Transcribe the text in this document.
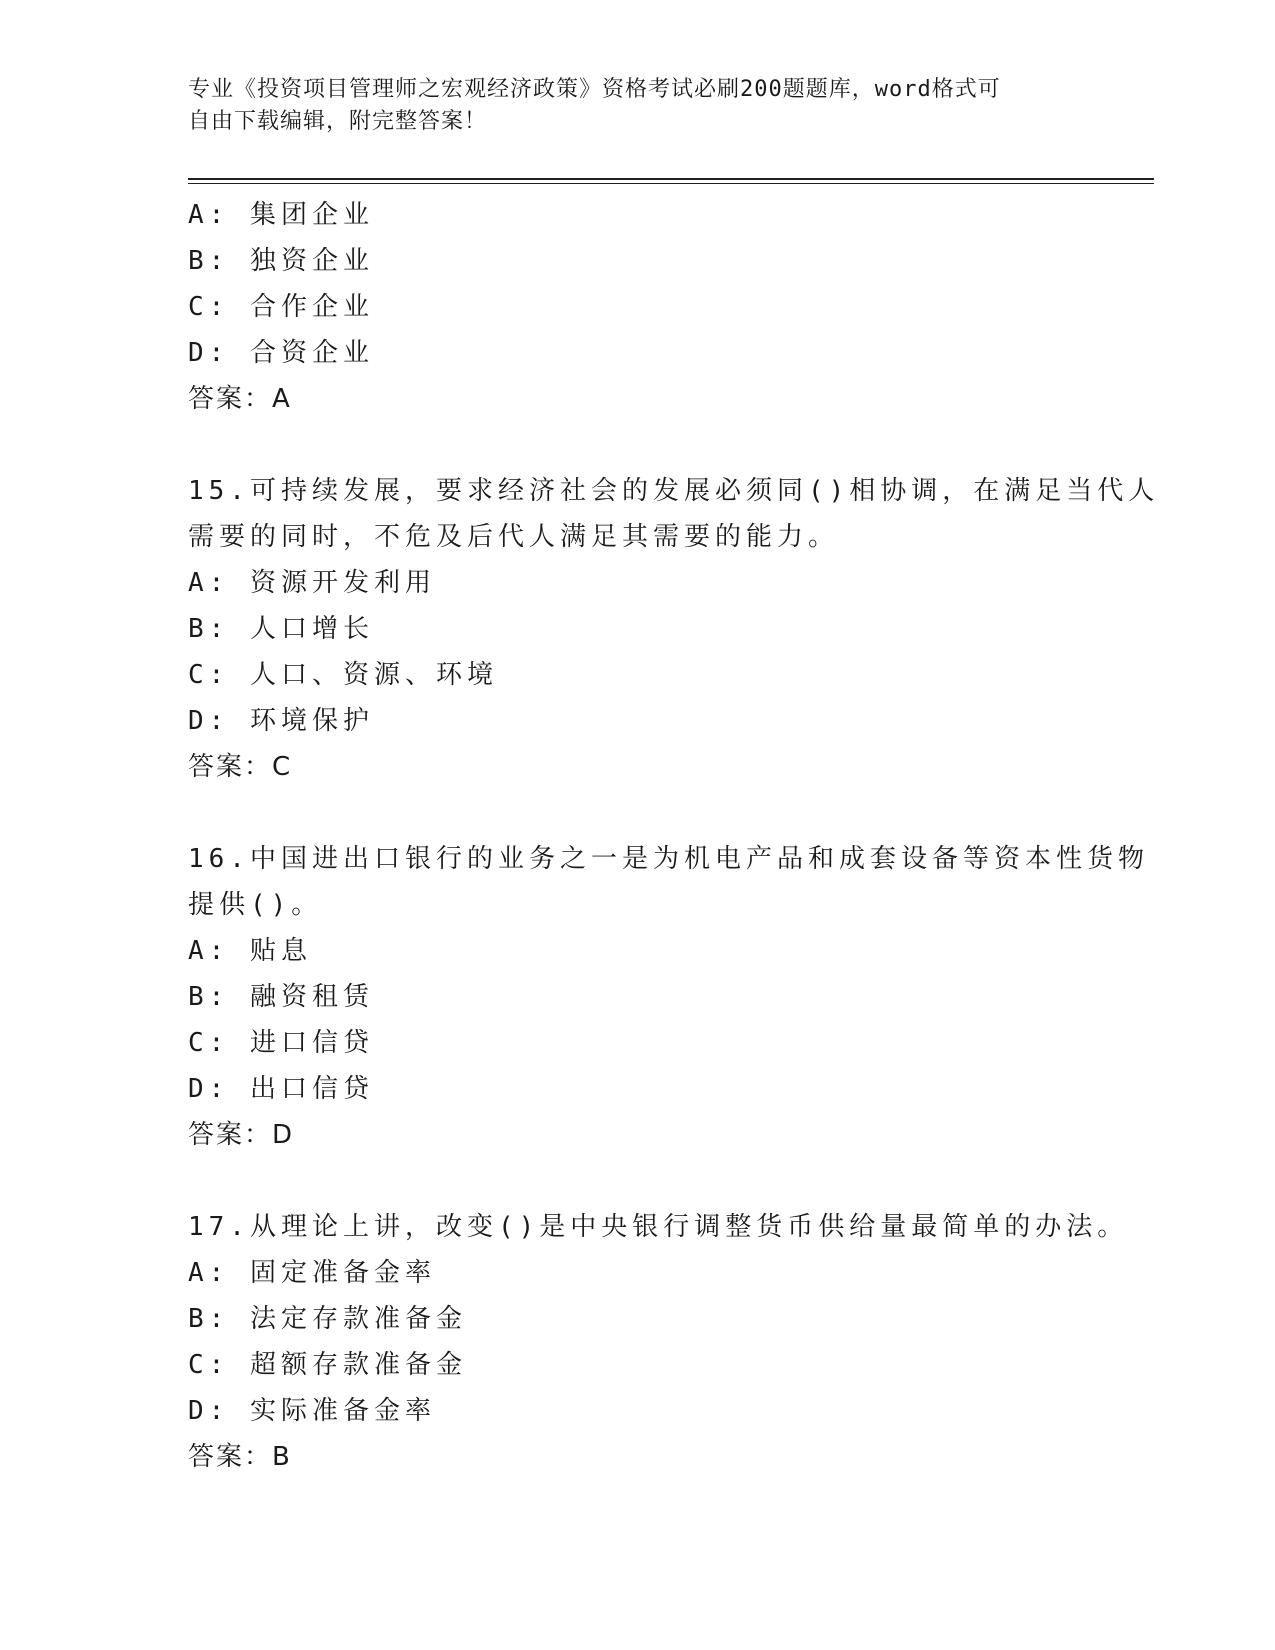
专业《投资项目管理师之宏观经济政策》资格考试必刷200题题库，word格式可
自由下载编辑，附完整答案！
A: 集团企业
B: 独资企业
C: 合作企业
D: 合资企业
答案：A
15.可持续发展，要求经济社会的发展必须同()相协调，在满足当代人
需要的同时，不危及后代人满足其需要的能力。
A: 资源开发利用
B: 人口增长
C: 人口、资源、环境
D: 环境保护
答案：C
16.中国进出口银行的业务之一是为机电产品和成套设备等资本性货物
提供()。
A: 贴息
B: 融资租赁
C: 进口信贷
D: 出口信贷
答案：D
17.从理论上讲，改变()是中央银行调整货币供给量最简单的办法。
A: 固定准备金率
B: 法定存款准备金
C: 超额存款准备金
D: 实际准备金率
答案：B
